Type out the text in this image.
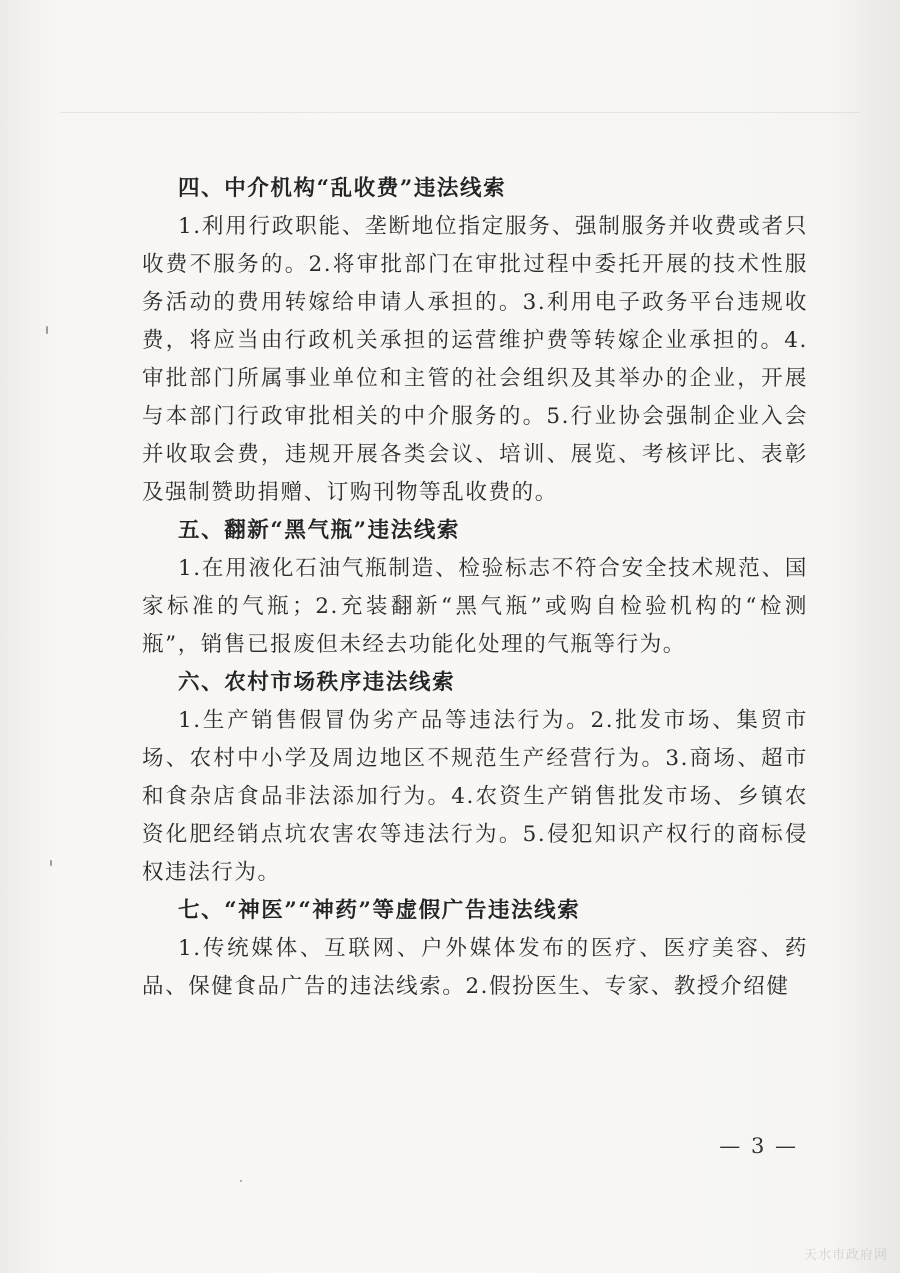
四、中介机构“乱收费”违法线索

1.利用行政职能、垄断地位指定服务、强制服务并收费或者只收费不服务的。2.将审批部门在审批过程中委托开展的技术性服务活动的费用转嫁给申请人承担的。3.利用电子政务平台违规收费，将应当由行政机关承担的运营维护费等转嫁企业承担的。4.审批部门所属事业单位和主管的社会组织及其举办的企业，开展与本部门行政审批相关的中介服务的。5.行业协会强制企业入会并收取会费，违规开展各类会议、培训、展览、考核评比、表彰及强制赞助捐赠、订购刊物等乱收费的。

五、翻新“黑气瓶”违法线索

1.在用液化石油气瓶制造、检验标志不符合安全技术规范、国家标准的气瓶；2.充装翻新“黑气瓶”或购自检验机构的“检测瓶”，销售已报废但未经去功能化处理的气瓶等行为。

六、农村市场秩序违法线索

1.生产销售假冒伪劣产品等违法行为。2.批发市场、集贸市场、农村中小学及周边地区不规范生产经营行为。3.商场、超市和食杂店食品非法添加行为。4.农资生产销售批发市场、乡镇农资化肥经销点坑农害农等违法行为。5.侵犯知识产权行的商标侵权违法行为。

七、“神医”“神药”等虚假广告违法线索

1.传统媒体、互联网、户外媒体发布的医疗、医疗美容、药品、保健食品广告的违法线索。2.假扮医生、专家、教授介绍健

— 3 —
天水市政府网
